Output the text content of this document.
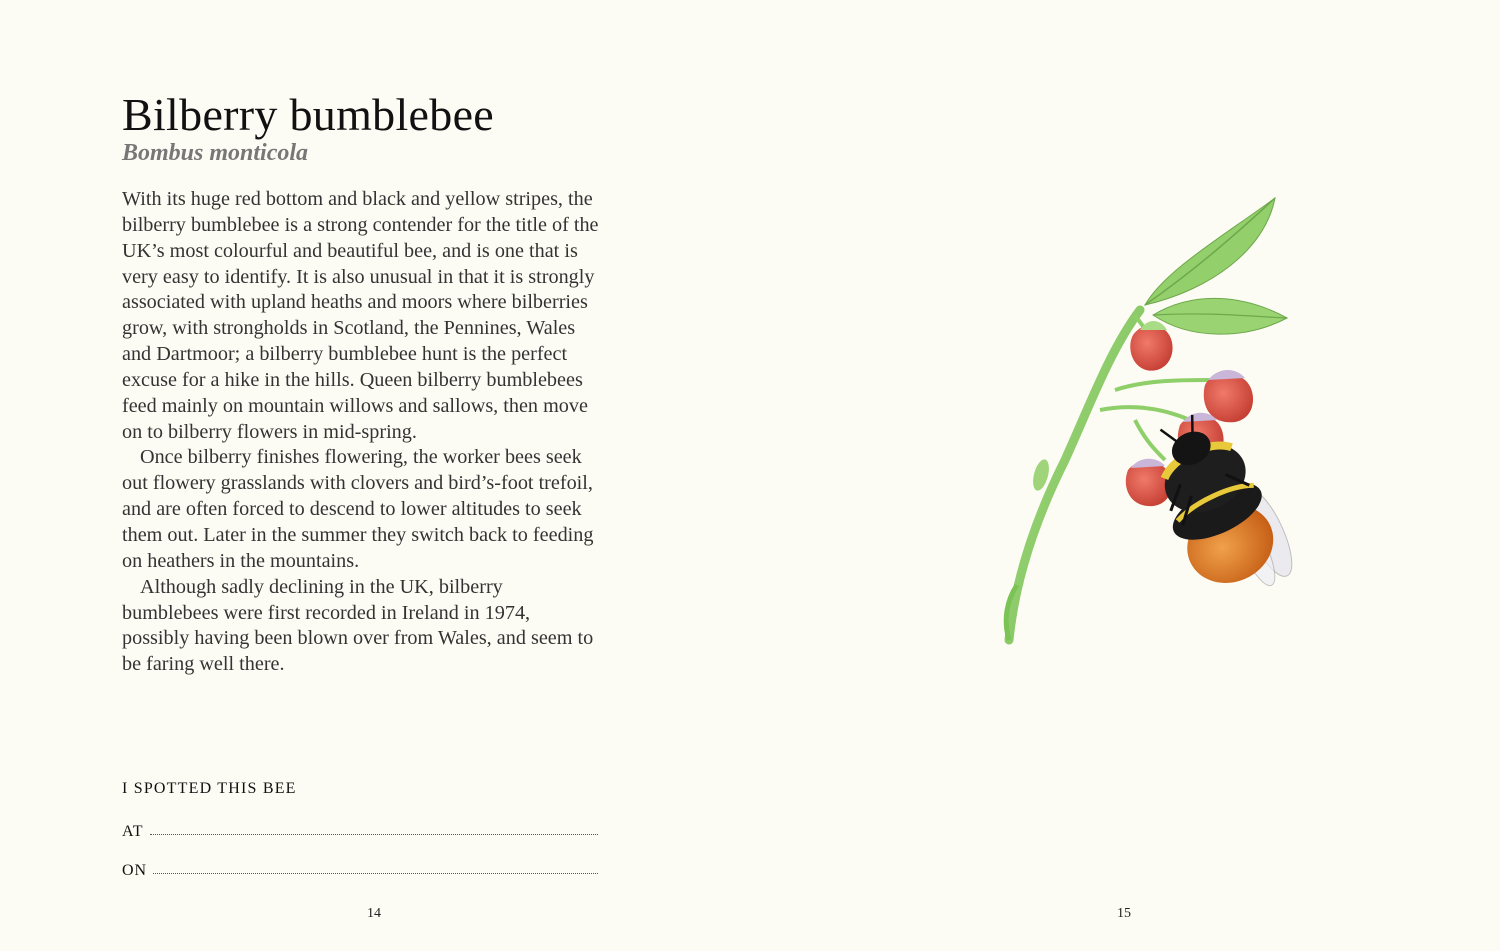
Bilberry bumblebee
Bombus monticola

With its huge red bottom and black and yellow stripes, the bilberry bumblebee is a strong contender for the title of the UK’s most colourful and beautiful bee, and is one that is very easy to identify. It is also unusual in that it is strongly associated with upland heaths and moors where bilberries grow, with strongholds in Scotland, the Pennines, Wales and Dartmoor; a bilberry bumblebee hunt is the perfect excuse for a hike in the hills. Queen bilberry bumblebees feed mainly on mountain willows and sallows, then move on to bilberry flowers in mid-spring.

Once bilberry finishes flowering, the worker bees seek out flowery grasslands with clovers and bird’s-foot trefoil, and are often forced to descend to lower altitudes to seek them out. Later in the summer they switch back to feeding on heathers in the mountains.

Although sadly declining in the UK, bilberry bumblebees were first recorded in Ireland in 1974, possibly having been blown over from Wales, and seem to be faring well there.

I SPOTTED THIS BEE
AT
ON
14	15
